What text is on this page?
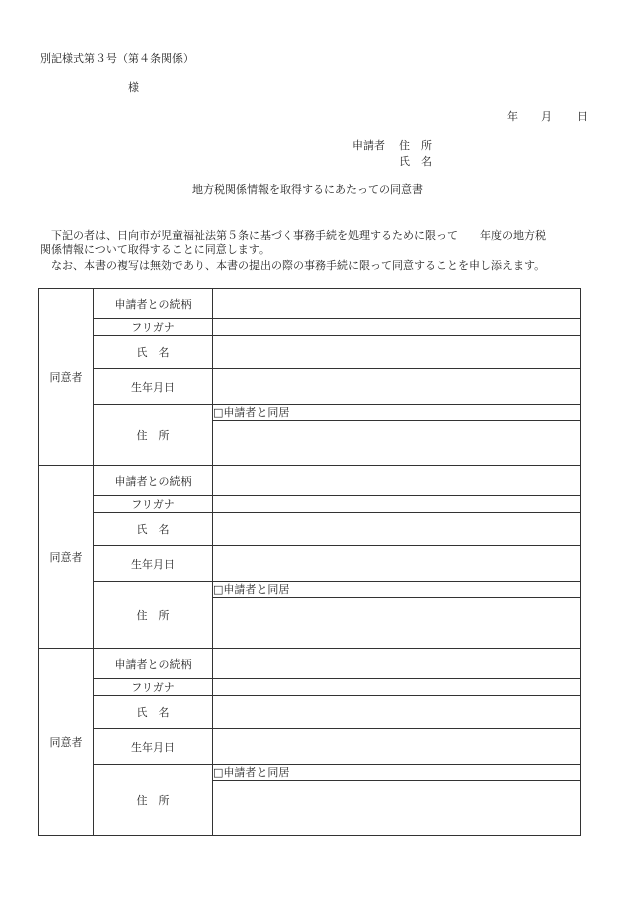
別記様式第３号（第４条関係）
様
年 月 日
申請者 住　所
氏　名
地方税関係情報を取得するにあたっての同意書
下記の者は、日向市が児童福祉法第５条に基づく事務手続を処理するために限って　　年度の地方税
関係情報について取得することに同意します。
なお、本書の複写は無効であり、本書の提出の際の事務手続に限って同意することを申し添えます。
同意者	申請者との続柄	
	フリガナ	
	氏　名	
	生年月日	
	住　所	□申請者と同居

同意者	申請者との続柄	
	フリガナ	
	氏　名	
	生年月日	
	住　所	□申請者と同居

同意者	申請者との続柄	
	フリガナ	
	氏　名	
	生年月日	
	住　所	□申請者と同居
